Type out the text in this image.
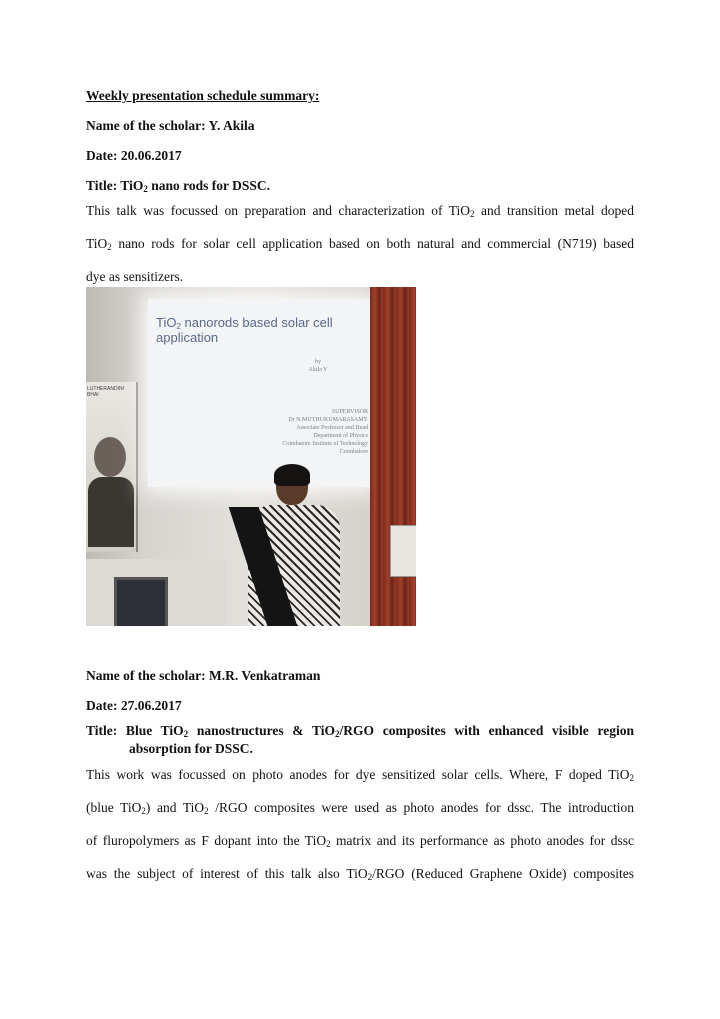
Weekly presentation schedule summary:
Name of the scholar: Y. Akila
Date: 20.06.2017
Title: TiO$_2$ nano rods for DSSC.
This talk was focussed on preparation and characterization of TiO$_2$ and transition metal doped
TiO$_2$ nano rods for solar cell application based on both natural and commercial (N719) based
dye as sensitizers.
Name of the scholar: M.R. Venkatraman
Date: 27.06.2017
Title: Blue TiO$_2$ nanostructures & TiO$_2$/RGO composites with enhanced visible region
absorption for DSSC.
This work was focussed on photo anodes for dye sensitized solar cells. Where, F doped TiO$_2$
(blue TiO$_2$) and TiO$_2$ /RGO composites were used as photo anodes for dssc. The introduction
of fluropolymers as F dopant into the TiO$_2$ matrix and its performance as photo anodes for dssc
was the subject of interest of this talk also TiO$_2$/RGO (Reduced Graphene Oxide) composites
LUTHERANDINI BHAI
TiO$_2$ nanorods based solar cell application
by
Akila Y
SUPERVISOR
Dr N.MUTHUKUMARASAMY
Associate Professor and Head
Department of Physics
Coimbatore Institute of Technology
Coimbatore
